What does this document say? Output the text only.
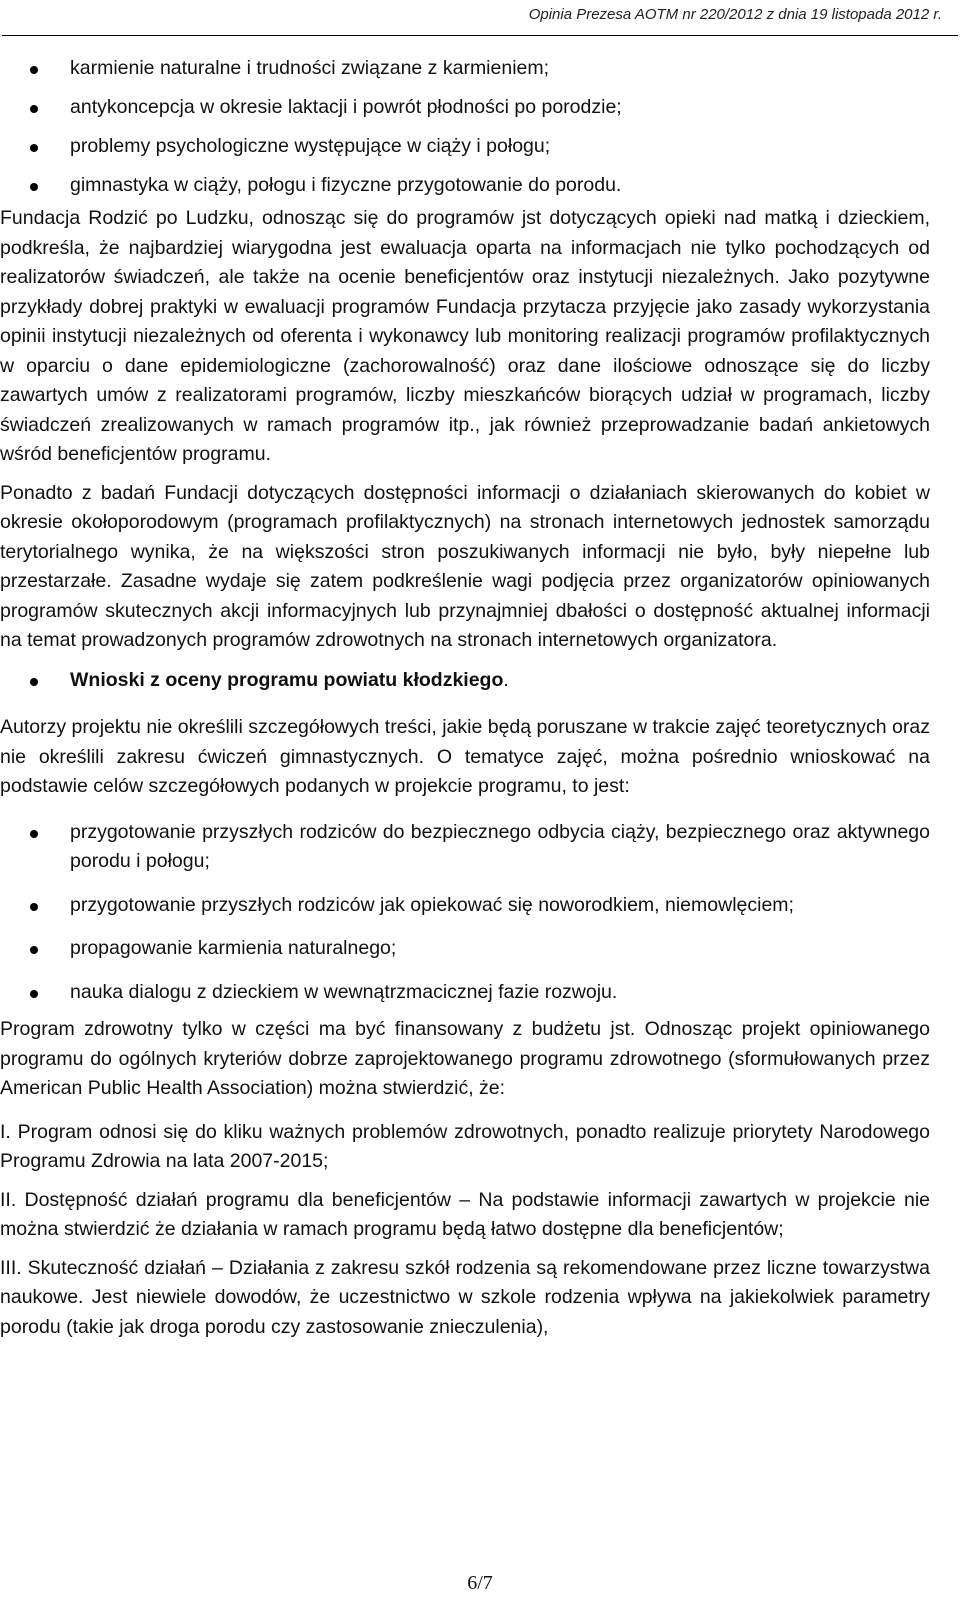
Opinia Prezesa AOTM nr 220/2012 z dnia 19 listopada 2012 r.
karmienie naturalne i trudności związane z karmieniem;
antykoncepcja w okresie laktacji i powrót płodności po porodzie;
problemy psychologiczne występujące w ciąży i połogu;
gimnastyka w ciąży, połogu i fizyczne przygotowanie do porodu.

Fundacja Rodzić po Ludzku, odnosząc się do programów jst dotyczących opieki nad matką i dzieckiem, podkreśla, że najbardziej wiarygodna jest ewaluacja oparta na informacjach nie tylko pochodzących od realizatorów świadczeń, ale także na ocenie beneficjentów oraz instytucji niezależnych. Jako pozytywne przykłady dobrej praktyki w ewaluacji programów Fundacja przytacza przyjęcie jako zasady wykorzystania opinii instytucji niezależnych od oferenta i wykonawcy lub monitoring realizacji programów profilaktycznych w oparciu o dane epidemiologiczne (zachorowalność) oraz dane ilościowe odnoszące się do liczby zawartych umów z realizatorami programów, liczby mieszkańców biorących udział w programach, liczby świadczeń zrealizowanych w ramach programów itp., jak również przeprowadzanie badań ankietowych wśród beneficjentów programu.

Ponadto z badań Fundacji dotyczących dostępności informacji o działaniach skierowanych do kobiet w okresie okołoporodowym (programach profilaktycznych) na stronach internetowych jednostek samorządu terytorialnego wynika, że na większości stron poszukiwanych informacji nie było, były niepełne lub przestarzałe. Zasadne wydaje się zatem podkreślenie wagi podjęcia przez organizatorów opiniowanych programów skutecznych akcji informacyjnych lub przynajmniej dbałości o dostępność aktualnej informacji na temat prowadzonych programów zdrowotnych na stronach internetowych organizatora.

Wnioski z oceny programu powiatu kłodzkiego.

Autorzy projektu nie określili szczegółowych treści, jakie będą poruszane w trakcie zajęć teoretycznych oraz nie określili zakresu ćwiczeń gimnastycznych. O tematyce zajęć, można pośrednio wnioskować na podstawie celów szczegółowych podanych w projekcie programu, to jest:

przygotowanie przyszłych rodziców do bezpiecznego odbycia ciąży, bezpiecznego oraz aktywnego porodu i połogu;
przygotowanie przyszłych rodziców jak opiekować się noworodkiem, niemowlęciem;
propagowanie karmienia naturalnego;
nauka dialogu z dzieckiem w wewnątrzmacicznej fazie rozwoju.

Program zdrowotny tylko w części ma być finansowany z budżetu jst. Odnosząc projekt opiniowanego programu do ogólnych kryteriów dobrze zaprojektowanego programu zdrowotnego (sformułowanych przez American Public Health Association) można stwierdzić, że:

I. Program odnosi się do kliku ważnych problemów zdrowotnych, ponadto realizuje priorytety Narodowego Programu Zdrowia na lata 2007-2015;

II. Dostępność działań programu dla beneficjentów – Na podstawie informacji zawartych w projekcie nie można stwierdzić że działania w ramach programu będą łatwo dostępne dla beneficjentów;

III. Skuteczność działań – Działania z zakresu szkół rodzenia są rekomendowane przez liczne towarzystwa naukowe. Jest niewiele dowodów, że uczestnictwo w szkole rodzenia wpływa na jakiekolwiek parametry porodu (takie jak droga porodu czy zastosowanie znieczulenia),

6/7
